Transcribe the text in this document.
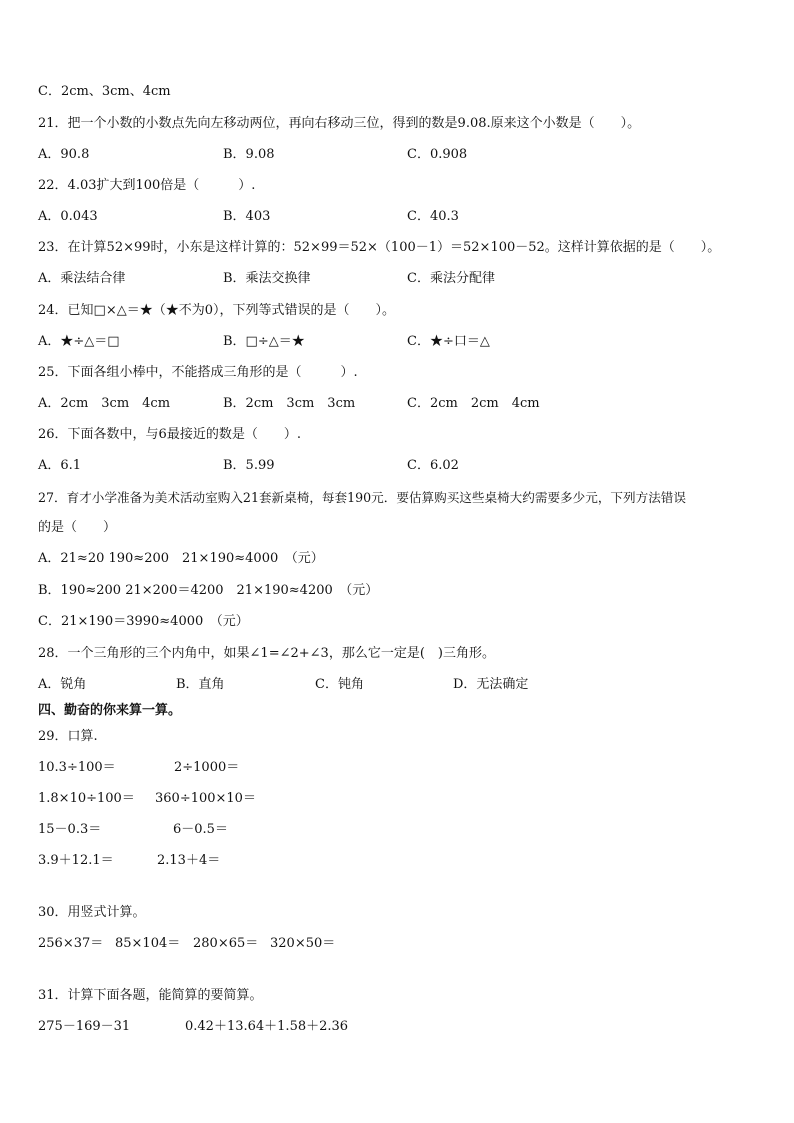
C．2cm、3cm、4cm
21．把一个小数的小数点先向左移动两位，再向右移动三位，得到的数是9.08.原来这个小数是（　　）。
A．90.8	B．9.08	C．0.908
22．4.03扩大到100倍是（　　　）.
A．0.043	B．403	C．40.3
23．在计算52×99时，小东是这样计算的：52×99＝52×（100－1）＝52×100－52。这样计算依据的是（　　）。
A．乘法结合律	B．乘法交换律	C．乘法分配律
24．已知□×△＝★（★不为0），下列等式错误的是（　　）。
A．★÷△＝□	B．□÷△＝★	C．★÷口＝△
25．下面各组小棒中，不能搭成三角形的是（　　　）.
A．2cm　3cm　4cm	B．2cm　3cm　3cm	C．2cm　2cm　4cm
26．下面各数中，与6最接近的数是（　　）.
A．6.1	B．5.99	C．6.02
27．育才小学准备为美术活动室购入21套新桌椅，每套190元．要估算购买这些桌椅大约需要多少元，下列方法错误
的是（　　）
A．21≈20 190≈200　21×190≈4000　（元）
B．190≈200 21×200＝4200　21×190≈4200　（元）
C．21×190＝3990≈4000　（元）
28．一个三角形的三个内角中，如果∠1=∠2+∠3，那么它一定是(　)三角形。
A．锐角	B．直角	C．钝角	D．无法确定
四、勤奋的你来算一算。
29．口算.
10.3÷100＝	2÷1000＝
1.8×10÷100＝ 360÷100×10＝
15－0.3＝	6－0.5＝
3.9＋12.1＝	2.13＋4＝
30．用竖式计算。
256×37＝ 85×104＝ 280×65＝ 320×50＝
31．计算下面各题，能简算的要简算。
275－169－31	0.42＋13.64＋1.58＋2.36
